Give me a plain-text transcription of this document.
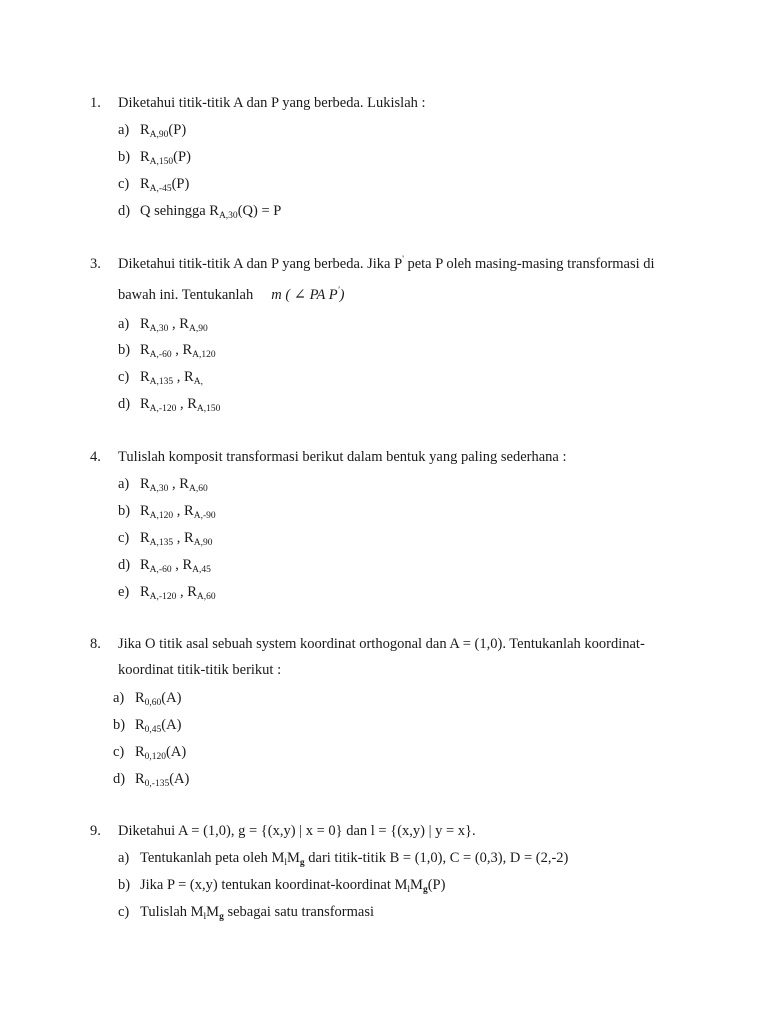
1. Diketahui titik-titik A dan P yang berbeda. Lukislah :
a) $R_{A,90}(P)$
b) $R_{A,150}(P)$
c) $R_{A,-45}(P)$
d) Q sehingga $R_{A,30}(Q) = P$
3. Diketahui titik-titik A dan P yang berbeda. Jika P' peta P oleh masing-masing transformasi di
bawah ini. Tentukanlah m ( ∠ PA P')
a) $R_{A,30}$ , $R_{A,90}$
b) $R_{A,-60}$ , $R_{A,120}$
c) $R_{A,135}$ , $R_{A,}$
d) $R_{A,-120}$ , $R_{A,150}$
4. Tulislah komposit transformasi berikut dalam bentuk yang paling sederhana :
a) $R_{A,30}$ , $R_{A,60}$
b) $R_{A,120}$ , $R_{A,-90}$
c) $R_{A,135}$ , $R_{A,90}$
d) $R_{A,-60}$ , $R_{A,45}$
e) $R_{A,-120}$ , $R_{A,60}$
8. Jika O titik asal sebuah system koordinat orthogonal dan A = (1,0). Tentukanlah koordinat-
koordinat titik-titik berikut :
a) $R_{0,60}(A)$
b) $R_{0,45}(A)$
c) $R_{0,120}(A)$
d) $R_{0,-135}(A)$
9. Diketahui A = (1,0), g = {(x,y) | x = 0} dan l = {(x,y) | y = x}.
a) Tentukanlah peta oleh $M_lM_g$ dari titik-titik B = (1,0), C = (0,3), D = (2,-2)
b) Jika P = (x,y) tentukan koordinat-koordinat $M_lM_g(P)$
c) Tulislah $M_lM_g$ sebagai satu transformasi
